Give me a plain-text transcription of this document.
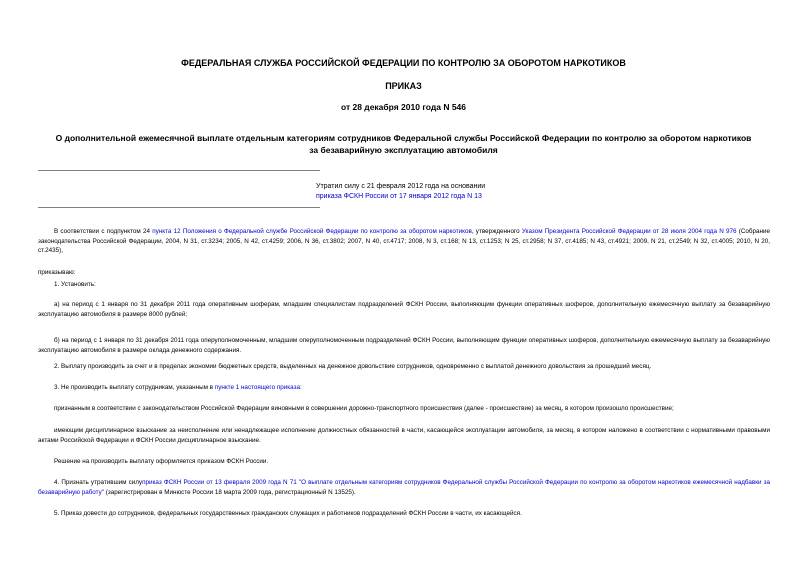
ФЕДЕРАЛЬНАЯ СЛУЖБА РОССИЙСКОЙ ФЕДЕРАЦИИ ПО КОНТРОЛЮ ЗА ОБОРОТОМ НАРКОТИКОВ
ПРИКАЗ
от 28 декабря 2010 года N 546
О дополнительной ежемесячной выплате отдельным категориям сотрудников Федеральной службы Российской Федерации по контролю за оборотом наркотиков
за безаварийную эксплуатацию автомобиля
Утратил силу с 21 февраля 2012 года на основании
приказа ФСКН России от 17 января 2012 года N 13
В соответствии с подпунктом 24 пункта 12 Положения о Федеральной службе Российской Федерации по контролю за оборотом наркотиков, утвержденного Указом Президента Российской Федерации от 28 июля 2004 года N 976 (Собрание законодательства Российской Федерации, 2004, N 31, ст.3234; 2005, N 42, ст.4259; 2006, N 36, ст.3802; 2007, N 40, ст.4717; 2008, N 3, ст.168; N 13, ст.1253; N 25, ст.2958; N 37, ст.4185; N 43, ст.4921; 2009, N 21, ст.2549; N 32, ст.4005; 2010, N 20, ст.2435),
приказываю:
1. Установить:
а) на период с 1 января по 31 декабря 2011 года оперативным шоферам, младшим специалистам подразделений ФСКН России, выполняющим функции оперативных шоферов, дополнительную ежемесячную выплату за безаварийную эксплуатацию автомобиля в размере 8000 рублей;
б) на период с 1 января по 31 декабря 2011 года оперуполномоченным, младшим оперуполномоченным подразделений ФСКН России, выполняющим функции оперативных шоферов, дополнительную ежемесячную выплату за безаварийную эксплуатацию автомобиля в размере оклада денежного содержания.
2. Выплату производить за счет и в пределах экономии бюджетных средств, выделенных на денежное довольствие сотрудников, одновременно с выплатой денежного довольствия за прошедший месяц.
3. Не производить выплату сотрудникам, указанным в пункте 1 настоящего приказа:
признанным в соответствии с законодательством Российской Федерации виновными в совершении дорожно-транспортного происшествия (далее - происшествие) за месяц, в котором произошло происшествие;
имеющим дисциплинарное взыскание за неисполнение или ненадлежащее исполнение должностных обязанностей в части, касающейся эксплуатации автомобиля, за месяц, в котором наложено в соответствии с нормативными правовыми актами Российской Федерации и ФСКН России дисциплинарное взыскание.
Решение на производить выплату оформляется приказом ФСКН России.
4. Признать утратившим силуприказ ФСКН России от 13 февраля 2009 года N 71 "О выплате отдельным категориям сотрудников Федеральной службы Российской Федерации по контролю за оборотом наркотиков ежемесячной надбавки за безаварийную работу" (зарегистрирован в Минюсте России 18 марта 2009 года, регистрационный N 13525).
5. Приказ довести до сотрудников, федеральных государственных гражданских служащих и работников подразделений ФСКН России в части, их касающейся.
